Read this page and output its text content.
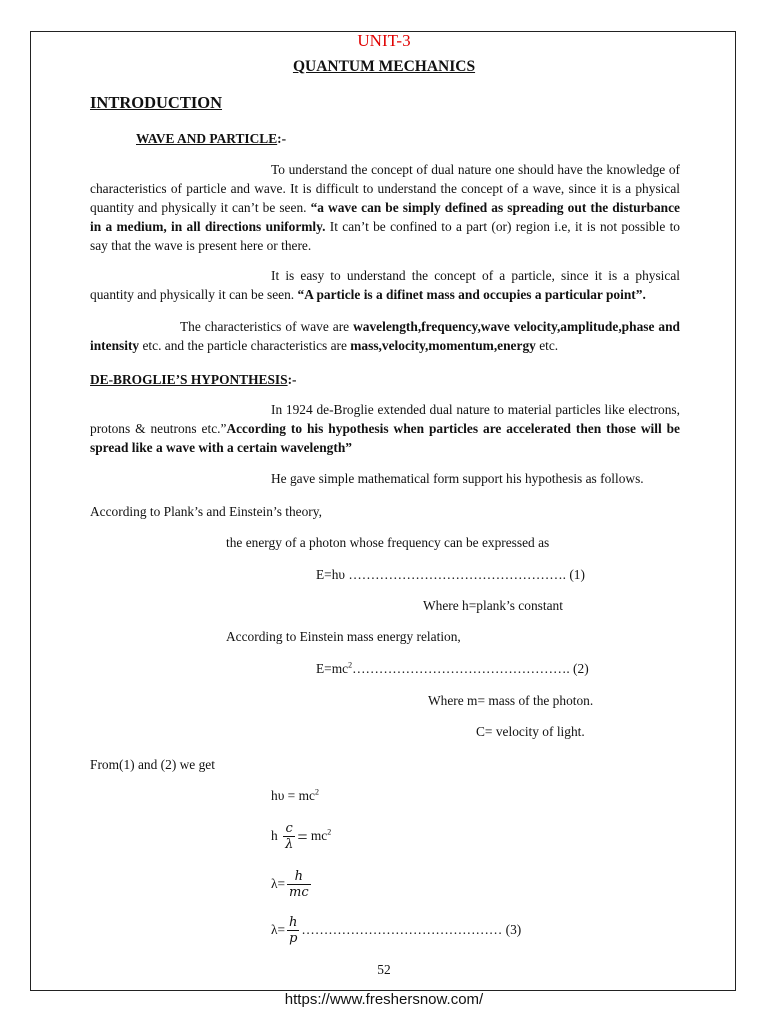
UNIT-3
QUANTUM MECHANICS
INTRODUCTION
WAVE AND PARTICLE:-
To understand the concept of dual nature one should have the knowledge of characteristics of particle and wave. It is difficult to understand the concept of a wave, since it is a physical quantity and physically it can’t be seen. “a wave can be simply defined as spreading out the disturbance in a medium, in all directions uniformly. It can’t be confined to a part (or) region i.e, it is not possible to say that the wave is present here or there.
It is easy to understand the concept of a particle, since it is a physical quantity and physically it can be seen. “A particle is a difinet mass and occupies a particular point”.
The characteristics of wave are wavelength,frequency,wave velocity,amplitude,phase and intensity etc. and the particle characteristics are mass,velocity,momentum,energy etc.
DE-BROGLIE’S HYPONTHESIS:-
In 1924 de-Broglie extended dual nature to material particles like electrons, protons & neutrons etc.”According to his hypothesis when particles are accelerated then those will be spread like a wave with a certain wavelength”
He gave simple mathematical form support his hypothesis as follows.
According to Plank’s and Einstein’s theory,
the energy of a photon whose frequency can be expressed as
E=hυ …………………………………………. (1)
Where h=plank’s constant
According to Einstein mass energy relation,
$E=mc^2\dots\dots\dots\dots\dots\dots\dots\dots\dots\dots\dots\dots\dots\dots\dots\dots$. (2)
Where m= mass of the photon.
C= velocity of light.
From(1) and (2) we get
$h\upsilon = mc^2$
h $\frac{c}{\lambda} = mc^2$
$\lambda= \frac{h}{mc}$
$\lambda= \frac{h}{p}$ ……………………………………… (3)
52
https://www.freshersnow.com/
